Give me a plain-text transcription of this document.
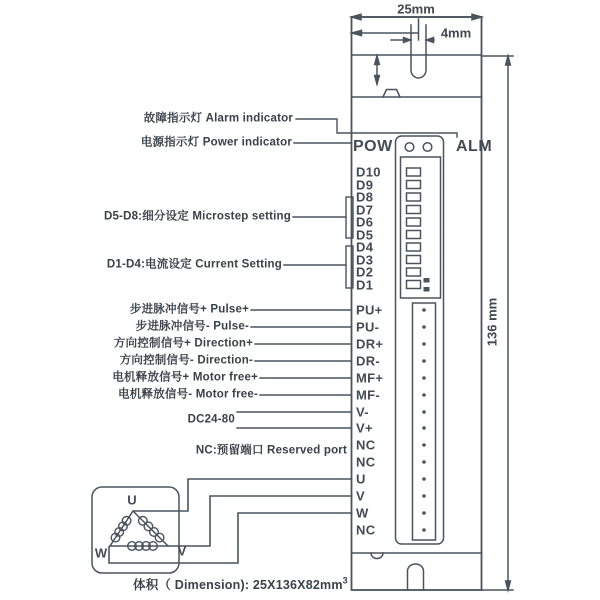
25mm
4mm
136 mm
体积（ Dimension): $25X136X82mm^3$
POW	ALM
U
V
W
故障指示灯 Alarm indicator
电源指示灯 Power indicator
D5-D8:细分设定 Microstep setting
D1-D4:电流设定 Current Setting
步进脉冲信号+ Pulse+
步进脉冲信号- Pulse-
方向控制信号+ Direction+
方向控制信号- Direction-
电机释放信号+ Motor free+
电机释放信号- Motor free-
DC24-80
NC:预留端口 Reserved port
D10
D9
D8
D7
D6
D5
D4
D3
D2
D1
PU+
PU-
DR+
DR-
MF+
MF-
V-
V+
NC
NC
U
V
W
NC
